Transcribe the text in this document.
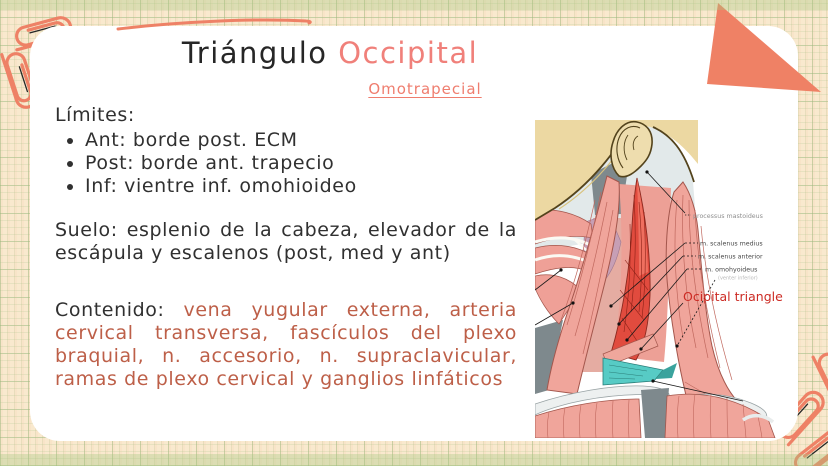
Triángulo Occipital
Omotrapecial
Límites:
• Ant: borde post. ECM
• Post: borde ant. trapecio
• Inf: vientre inf. omohioideo
Suelo: esplenio de la cabeza, elevador de la escápula y escalenos (post, med y ant)
Contenido: vena yugular externa, arteria cervical transversa, fascículos del plexo braquial, n. accesorio, n. supraclavicular, ramas de plexo cervical y ganglios linfáticos
processus mastoideus
m. scalenus medius
m. scalenus anterior
m. omohyoideus
(venter inferior)
Ocipital triangle
